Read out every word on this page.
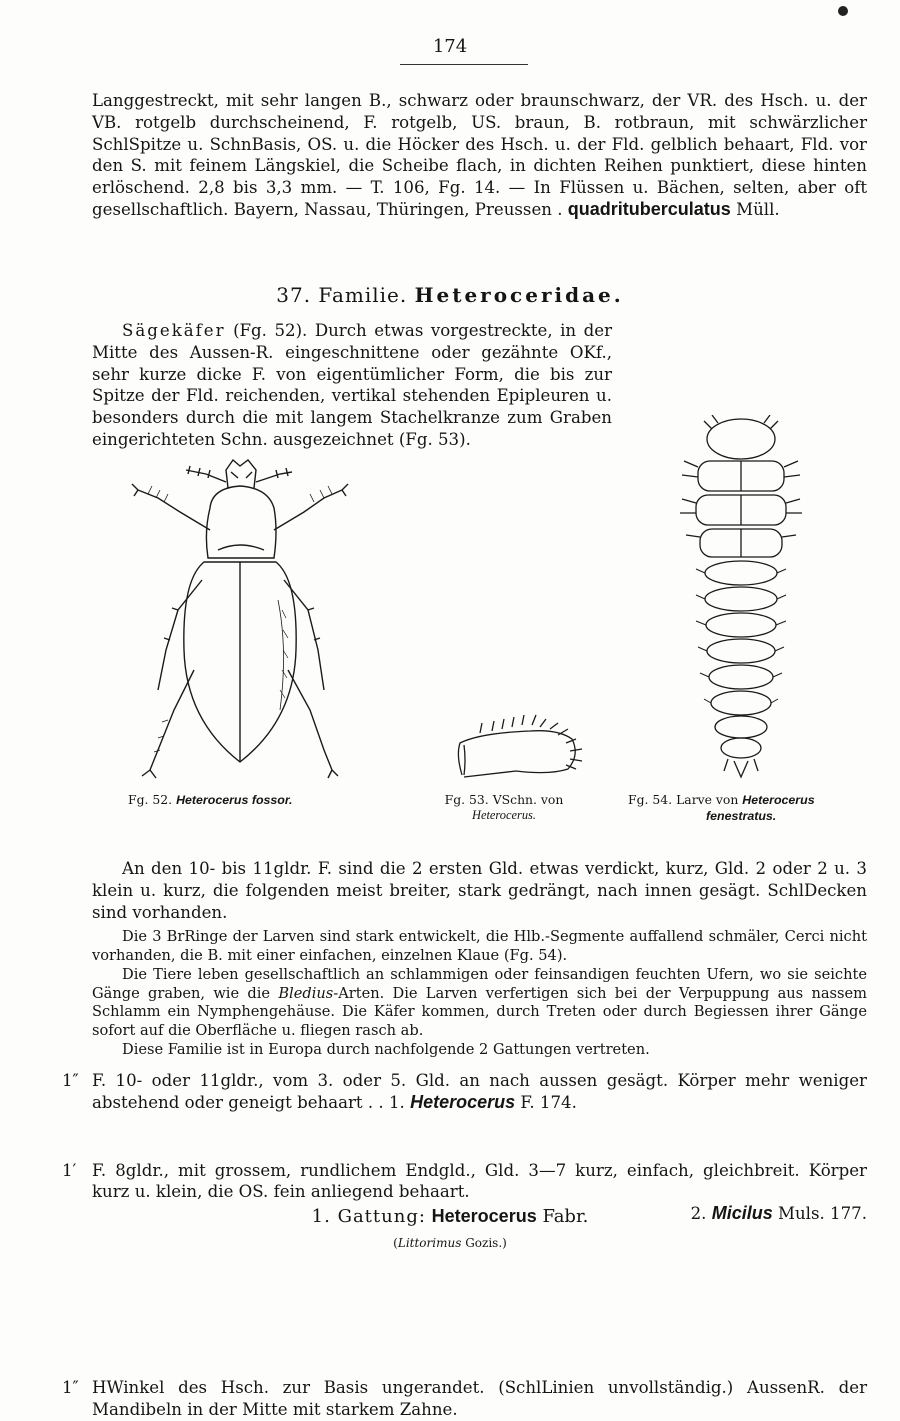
174
Langgestreckt, mit sehr langen B., schwarz oder braunschwarz, der VR. des Hsch. u. der VB. rotgelb durchscheinend, F. rotgelb, US. braun, B. rotbraun, mit schwärzlicher SchlSpitze u. SchnBasis, OS. u. die Höcker des Hsch. u. der Fld. gelblich behaart, Fld. vor den S. mit feinem Längskiel, die Scheibe flach, in dichten Reihen punktiert, diese hinten erlöschend. 2,8 bis 3,3 mm. — T. 106, Fg. 14. — In Flüssen u. Bächen, selten, aber oft gesellschaftlich. Bayern, Nassau, Thüringen, Preussen . quadrituberculatus Müll.
37. Familie. Heteroceridae.
Sägekäfer (Fg. 52). Durch etwas vorgestreckte, in der Mitte des Aussen-R. eingeschnittene oder gezähnte OKf., sehr kurze dicke F. von eigentümlicher Form, die bis zur Spitze der Fld. reichenden, vertikal stehenden Epipleuren u. besonders durch die mit langem Stachelkranze zum Graben eingerichteten Schn. ausgezeichnet (Fg. 53).
Fg. 52. Heterocerus fossor.	Fg. 53. VSchn. von
Heterocerus.
Fg. 54. Larve von Heterocerus
fenestratus.
An den 10- bis 11gldr. F. sind die 2 ersten Gld. etwas verdickt, kurz, Gld. 2 oder 2 u. 3 klein u. kurz, die folgenden meist breiter, stark gedrängt, nach innen gesägt. SchlDecken sind vorhanden.
Die 3 BrRinge der Larven sind stark entwickelt, die Hlb.-Segmente auffallend schmäler, Cerci nicht vorhanden, die B. mit einer einfachen, einzelnen Klaue (Fg. 54).
Die Tiere leben gesellschaftlich an schlammigen oder feinsandigen feuchten Ufern, wo sie seichte Gänge graben, wie die Bledius-Arten. Die Larven verfertigen sich bei der Verpuppung aus nassem Schlamm ein Nymphengehäuse. Die Käfer kommen, durch Treten oder durch Begiessen ihrer Gänge sofort auf die Oberfläche u. fliegen rasch ab.
Diese Familie ist in Europa durch nachfolgende 2 Gattungen vertreten.
1″ F. 10- oder 11gldr., vom 3. oder 5. Gld. an nach aussen gesägt. Körper mehr weniger abstehend oder geneigt behaart . . 1. Heterocerus F. 174.
1′ F. 8gldr., mit grossem, rundlichem Endgld., Gld. 3—7 kurz, einfach, gleichbreit. Körper kurz u. klein, die OS. fein anliegend behaart.
2. Micilus Muls. 177.
1. Gattung: Heterocerus Fabr.
(Littorimus Gozis.)
1″ HWinkel des Hsch. zur Basis ungerandet. (SchlLinien unvollständig.) AussenR. der Mandibeln in der Mitte mit starkem Zahne.
